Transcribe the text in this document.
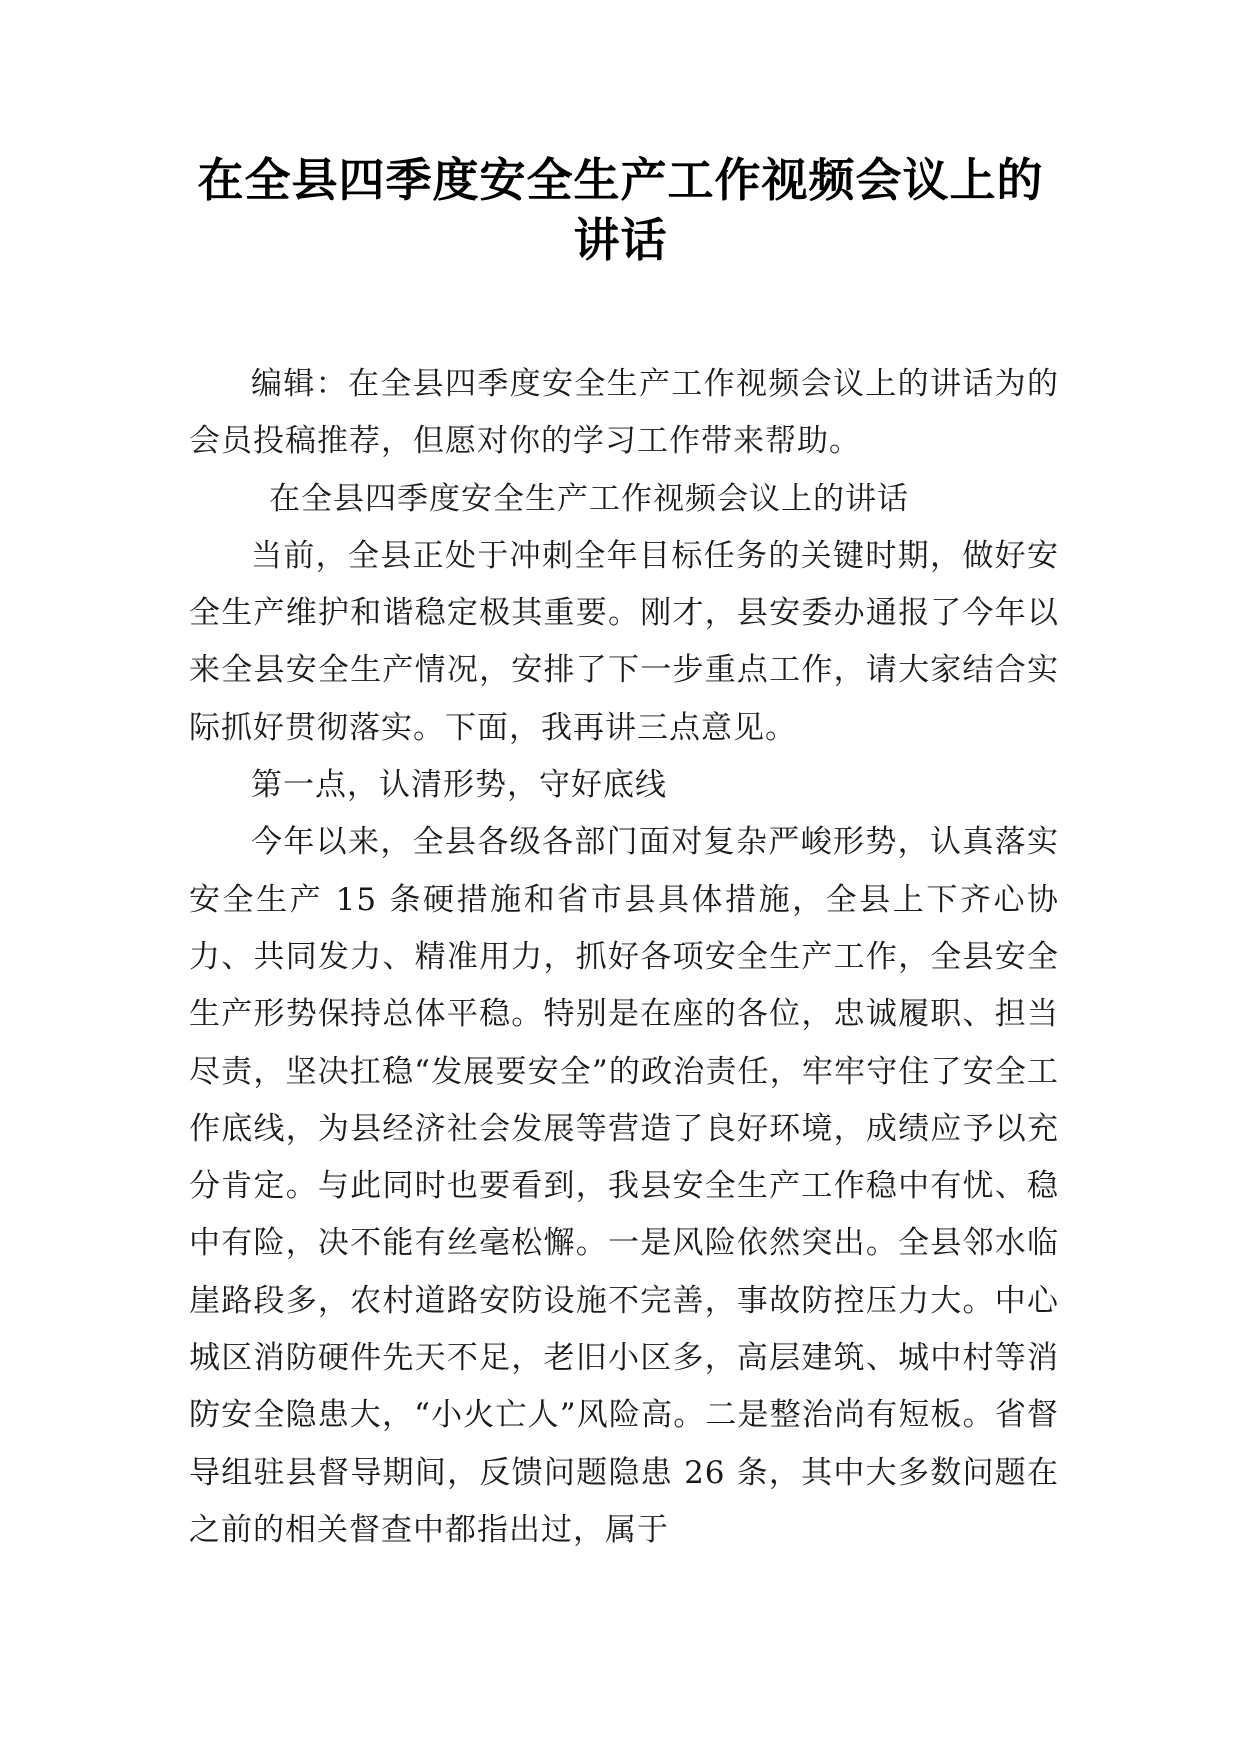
在全县四季度安全生产工作视频会议上的
讲话

编辑：在全县四季度安全生产工作视频会议上的讲话为的会员投稿推荐，但愿对你的学习工作带来帮助。

在全县四季度安全生产工作视频会议上的讲话

当前，全县正处于冲刺全年目标任务的关键时期，做好安全生产维护和谐稳定极其重要。刚才，县安委办通报了今年以来全县安全生产情况，安排了下一步重点工作，请大家结合实际抓好贯彻落实。下面，我再讲三点意见。

第一点，认清形势，守好底线

今年以来，全县各级各部门面对复杂严峻形势，认真落实安全生产 15 条硬措施和省市县具体措施，全县上下齐心协力、共同发力、精准用力，抓好各项安全生产工作，全县安全生产形势保持总体平稳。特别是在座的各位，忠诚履职、担当尽责，坚决扛稳“发展要安全”的政治责任，牢牢守住了安全工作底线，为县经济社会发展等营造了良好环境，成绩应予以充分肯定。与此同时也要看到，我县安全生产工作稳中有忧、稳中有险，决不能有丝毫松懈。一是风险依然突出。全县邻水临崖路段多，农村道路安防设施不完善，事故防控压力大。中心城区消防硬件先天不足，老旧小区多，高层建筑、城中村等消防安全隐患大，“小火亡人”风险高。二是整治尚有短板。省督导组驻县督导期间，反馈问题隐患 26 条，其中大多数问题在之前的相关督查中都指出过，属于
